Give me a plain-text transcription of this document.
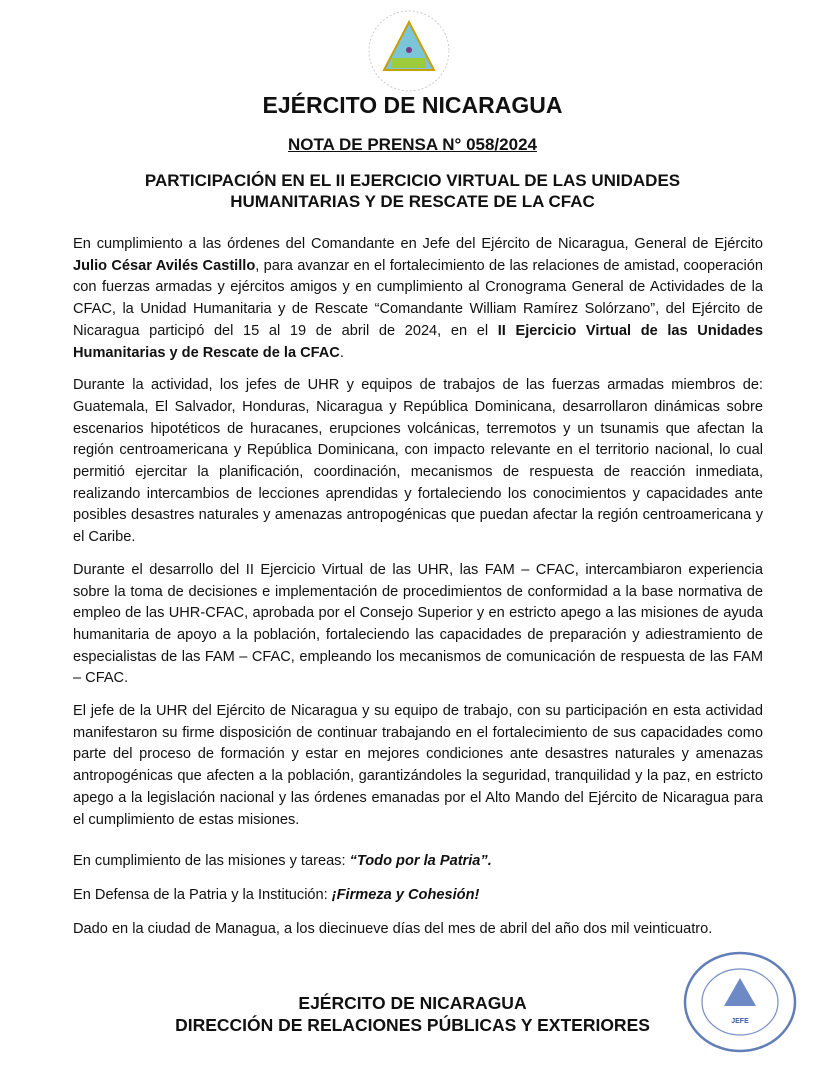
EJÉRCITO DE NICARAGUA
NOTA DE PRENSA N° 058/2024
PARTICIPACIÓN EN EL II EJERCICIO VIRTUAL DE LAS UNIDADES
HUMANITARIAS Y DE RESCATE DE LA CFAC

En cumplimiento a las órdenes del Comandante en Jefe del Ejército de Nicaragua, General de Ejército Julio César Avilés Castillo, para avanzar en el fortalecimiento de las relaciones de amistad, cooperación con fuerzas armadas y ejércitos amigos y en cumplimiento al Cronograma General de Actividades de la CFAC, la Unidad Humanitaria y de Rescate “Comandante William Ramírez Solórzano”, del Ejército de Nicaragua participó del 15 al 19 de abril de 2024, en el II Ejercicio Virtual de las Unidades Humanitarias y de Rescate de la CFAC.

Durante la actividad, los jefes de UHR y equipos de trabajos de las fuerzas armadas miembros de: Guatemala, El Salvador, Honduras, Nicaragua y República Dominicana, desarrollaron dinámicas sobre escenarios hipotéticos de huracanes, erupciones volcánicas, terremotos y un tsunamis que afectan la región centroamericana y República Dominicana, con impacto relevante en el territorio nacional, lo cual permitió ejercitar la planificación, coordinación, mecanismos de respuesta de reacción inmediata, realizando intercambios de lecciones aprendidas y fortaleciendo los conocimientos y capacidades ante posibles desastres naturales y amenazas antropogénicas que puedan afectar la región centroamericana y el Caribe.

Durante el desarrollo del II Ejercicio Virtual de las UHR, las FAM – CFAC, intercambiaron experiencia sobre la toma de decisiones e implementación de procedimientos de conformidad a la base normativa de empleo de las UHR-CFAC, aprobada por el Consejo Superior y en estricto apego a las misiones de ayuda humanitaria de apoyo a la población, fortaleciendo las capacidades de preparación y adiestramiento de especialistas de las FAM – CFAC, empleando los mecanismos de comunicación de respuesta de las FAM – CFAC.

El jefe de la UHR del Ejército de Nicaragua y su equipo de trabajo, con su participación en esta actividad manifestaron su firme disposición de continuar trabajando en el fortalecimiento de sus capacidades como parte del proceso de formación y estar en mejores condiciones ante desastres naturales y amenazas antropogénicas que afecten a la población, garantizándoles la seguridad, tranquilidad y la paz, en estricto apego a la legislación nacional y las órdenes emanadas por el Alto Mando del Ejército de Nicaragua para el cumplimiento de estas misiones.

En cumplimiento de las misiones y tareas: “Todo por la Patria”.

En Defensa de la Patria y la Institución: ¡Firmeza y Cohesión!

Dado en la ciudad de Managua, a los diecinueve días del mes de abril del año dos mil veinticuatro.

EJÉRCITO DE NICARAGUA
DIRECCIÓN DE RELACIONES PÚBLICAS Y EXTERIORES	JEFE
